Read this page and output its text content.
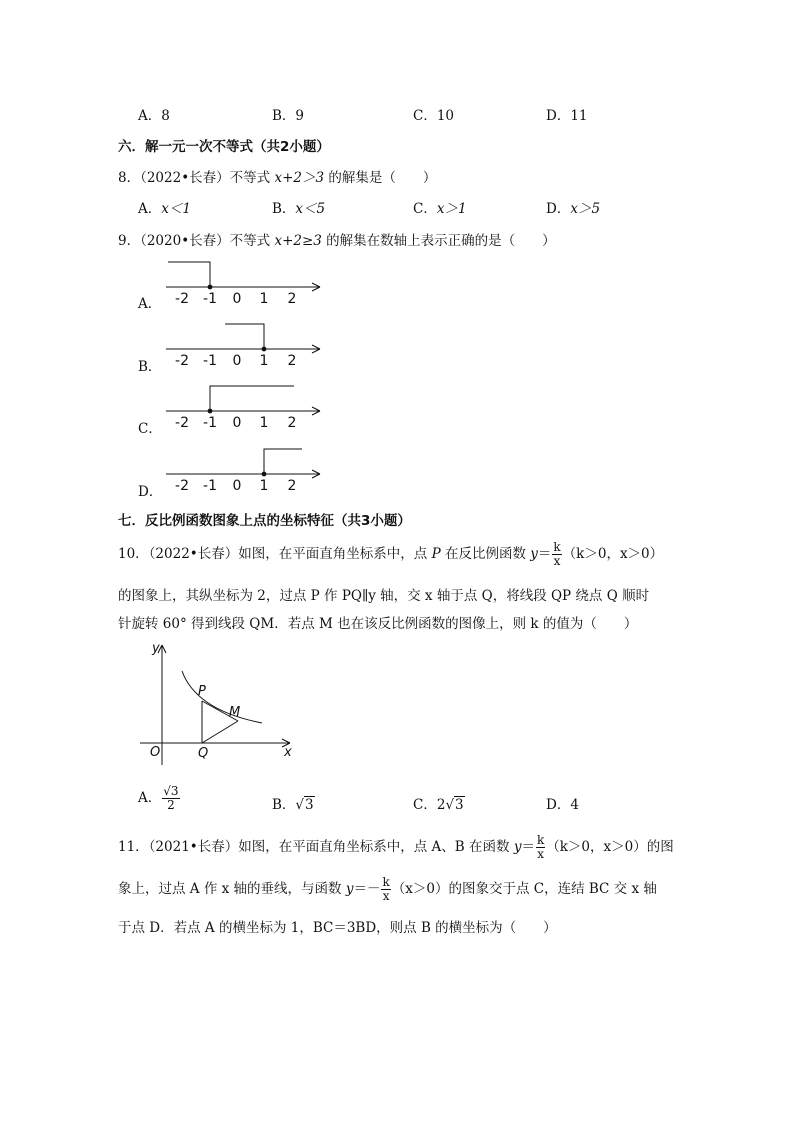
A．8	B．9	C．10	D．11
六．解一元一次不等式（共2小题）
8．（2022•长春）不等式 x+2＞3 的解集是（　　）
A．x＜1	B．x＜5	C．x＞1	D．x＞5
9．（2020•长春）不等式 x+2≥3 的解集在数轴上表示正确的是（　　）
A．
B．
C．
D．
-2 -1 0 1 2
-2 -1 0 1 2
-2 -1 0 1 2
-2 -1 0 1 2
y
x
O
P
Q
M
七．反比例函数图象上点的坐标特征（共3小题）
10．（2022•长春）如图，在平面直角坐标系中，点 P 在反比例函数 $y= \frac{k}{x} (k>0$，x＞0）
的图象上，其纵坐标为 2，过点 P 作 PQ∥y 轴，交 x 轴于点 Q，将线段 QP 绕点 Q 顺时
针旋转 60° 得到线段 QM．若点 M 也在该反比例函数的图像上，则 k 的值为（　　）
A． $\frac{√3}{2}$	B．√3	C．2√3	D．4
11．（2021•长春）如图，在平面直角坐标系中，点 A、B 在函数 $y= \frac{k}{x} (k>0$，x＞0）的图
象上，过点 A 作 x 轴的垂线，与函数 $y=- \frac{k}{x} (x>0)$的图象交于点 C，连结 BC 交 x 轴
于点 D．若点 A 的横坐标为 1，BC＝3BD，则点 B 的横坐标为（　　）
